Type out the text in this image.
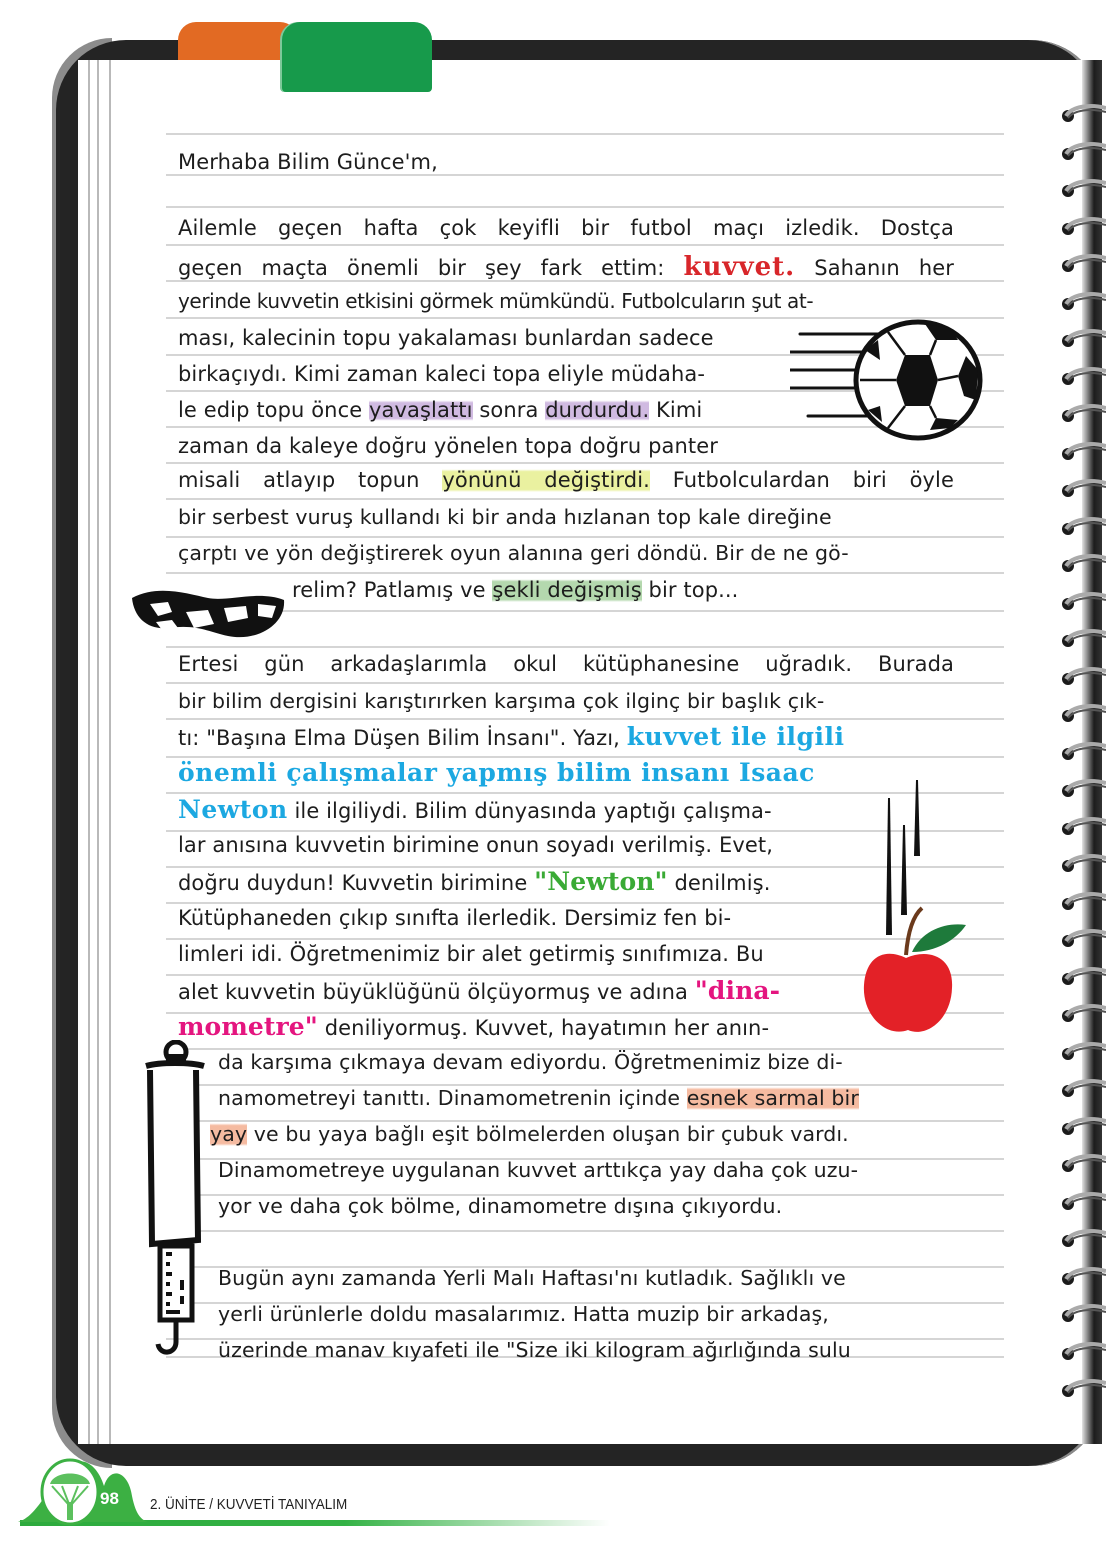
Merhaba Bilim Günce'm,
Ailemle geçen hafta çok keyifli bir futbol maçı izledik. Dostça
geçen maçta önemli bir şey fark ettim: kuvvet. Sahanın her
yerinde kuvvetin etkisini görmek mümkündü. Futbolcuların şut at-
ması, kalecinin topu yakalaması bunlardan sadece
birkaçıydı. Kimi zaman kaleci topa eliyle müdaha-
le edip topu önce yavaşlattı sonra durdurdu. Kimi
zaman da kaleye doğru yönelen topa doğru panter
misali atlayıp topun yönünü değiştirdi. Futbolculardan biri öyle
bir serbest vuruş kullandı ki bir anda hızlanan top kale direğine
çarptı ve yön değiştirerek oyun alanına geri döndü. Bir de ne gö-
relim? Patlamış ve şekli değişmiş bir top...
Ertesi gün arkadaşlarımla okul kütüphanesine uğradık. Burada
bir bilim dergisini karıştırırken karşıma çok ilginç bir başlık çık-
tı: "Başına Elma Düşen Bilim İnsanı". Yazı, kuvvet ile ilgili
önemli çalışmalar yapmış bilim insanı Isaac
Newton ile ilgiliydi. Bilim dünyasında yaptığı çalışma-
lar anısına kuvvetin birimine onun soyadı verilmiş. Evet,
doğru duydun! Kuvvetin birimine "Newton" denilmiş.
Kütüphaneden çıkıp sınıfta ilerledik. Dersimiz fen bi-
limleri idi. Öğretmenimiz bir alet getirmiş sınıfımıza. Bu
alet kuvvetin büyüklüğünü ölçüyormuş ve adına "dina-
mometre" deniliyormuş. Kuvvet, hayatımın her anın-
da karşıma çıkmaya devam ediyordu. Öğretmenimiz bize di-
namometreyi tanıttı. Dinamometrenin içinde esnek sarmal bir
yay ve bu yaya bağlı eşit bölmelerden oluşan bir çubuk vardı.
Dinamometreye uygulanan kuvvet arttıkça yay daha çok uzu-
yor ve daha çok bölme, dinamometre dışına çıkıyordu.
Bugün aynı zamanda Yerli Malı Haftası'nı kutladık. Sağlıklı ve
yerli ürünlerle doldu masalarımız. Hatta muzip bir arkadaş,
üzerinde manav kıyafeti ile "Size iki kilogram ağırlığında sulu
98 2. ÜNİTE / KUVVETİ TANIYALIM
